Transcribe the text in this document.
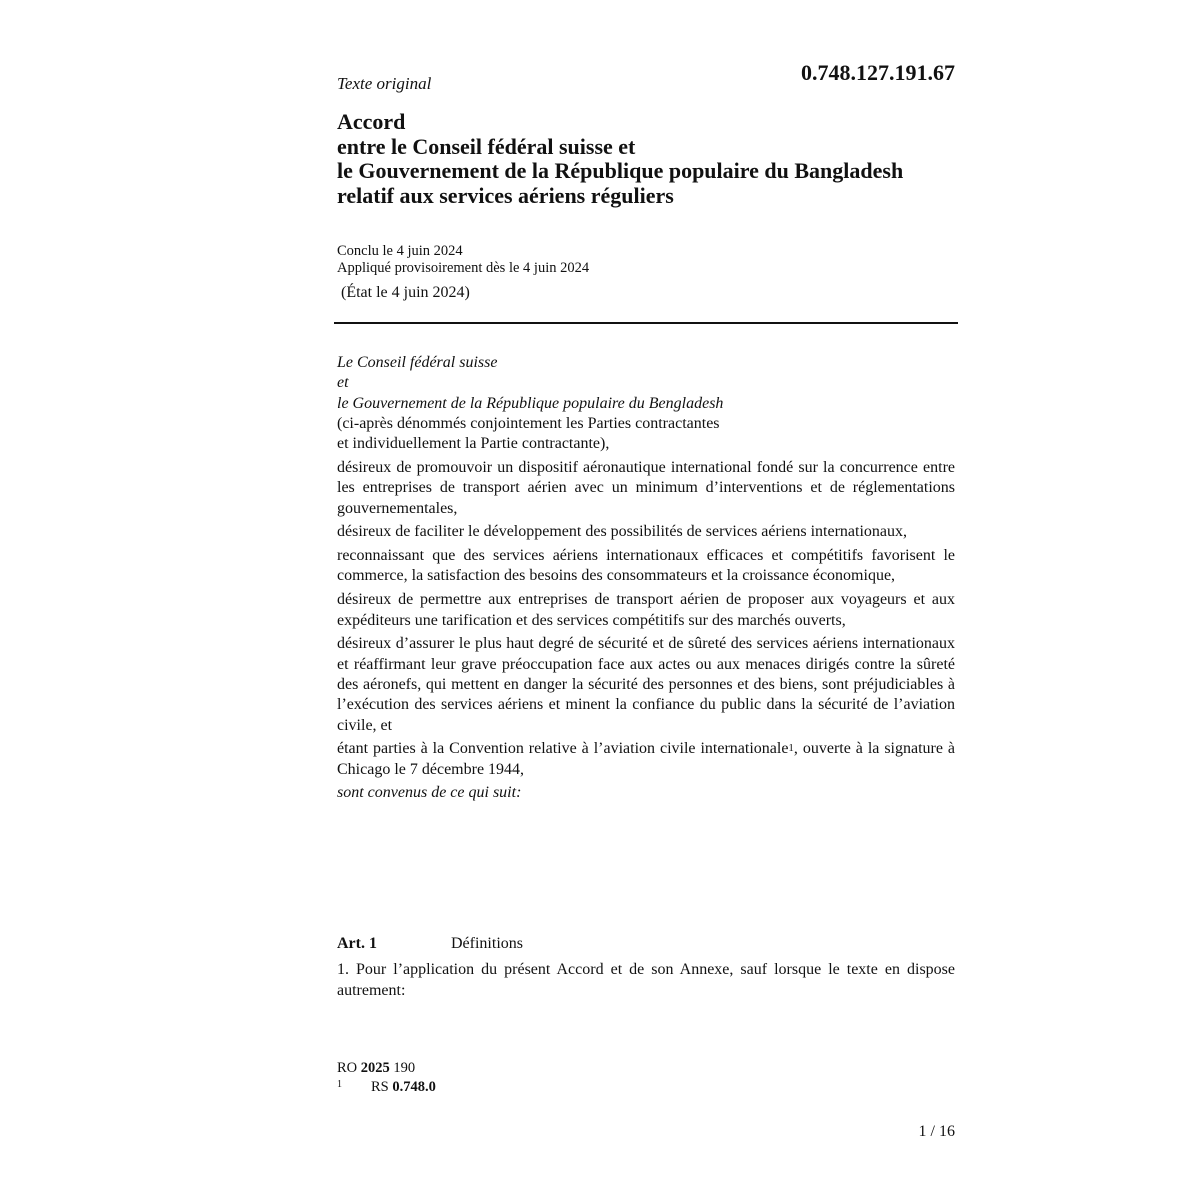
0.748.127.191.67
Texte original
Accord
entre le Conseil fédéral suisse et
le Gouvernement de la République populaire du Bangladesh
relatif aux services aériens réguliers
Conclu le 4 juin 2024
Appliqué provisoirement dès le 4 juin 2024
(État le 4 juin 2024)

Le Conseil fédéral suisse

et

le Gouvernement de la République populaire du Bengladesh

(ci-après dénommés conjointement les Parties contractantes

et individuellement la Partie contractante),

désireux de promouvoir un dispositif aéronautique international fondé sur la concurrence entre les entreprises de transport aérien avec un minimum d’interventions et de réglementations gouvernementales,

désireux de faciliter le développement des possibilités de services aériens internationaux,

reconnaissant que des services aériens internationaux efficaces et compétitifs favorisent le commerce, la satisfaction des besoins des consommateurs et la croissance économique,

désireux de permettre aux entreprises de transport aérien de proposer aux voyageurs et aux expéditeurs une tarification et des services compétitifs sur des marchés ouverts,

désireux d’assurer le plus haut degré de sécurité et de sûreté des services aériens internationaux et réaffirmant leur grave préoccupation face aux actes ou aux menaces dirigés contre la sûreté des aéronefs, qui mettent en danger la sécurité des personnes et des biens, sont préjudiciables à l’exécution des services aériens et minent la confiance du public dans la sécurité de l’aviation civile, et

étant parties à la Convention relative à l’aviation civile internationale$^1$, ouverte à la signature à Chicago le 7 décembre 1944,

sont convenus de ce qui suit:

Art. 1	Définitions
1. Pour l’application du présent Accord et de son Annexe, sauf lorsque le texte en dispose autrement:
RO 2025 190
1 RS 0.748.0
1 / 16
